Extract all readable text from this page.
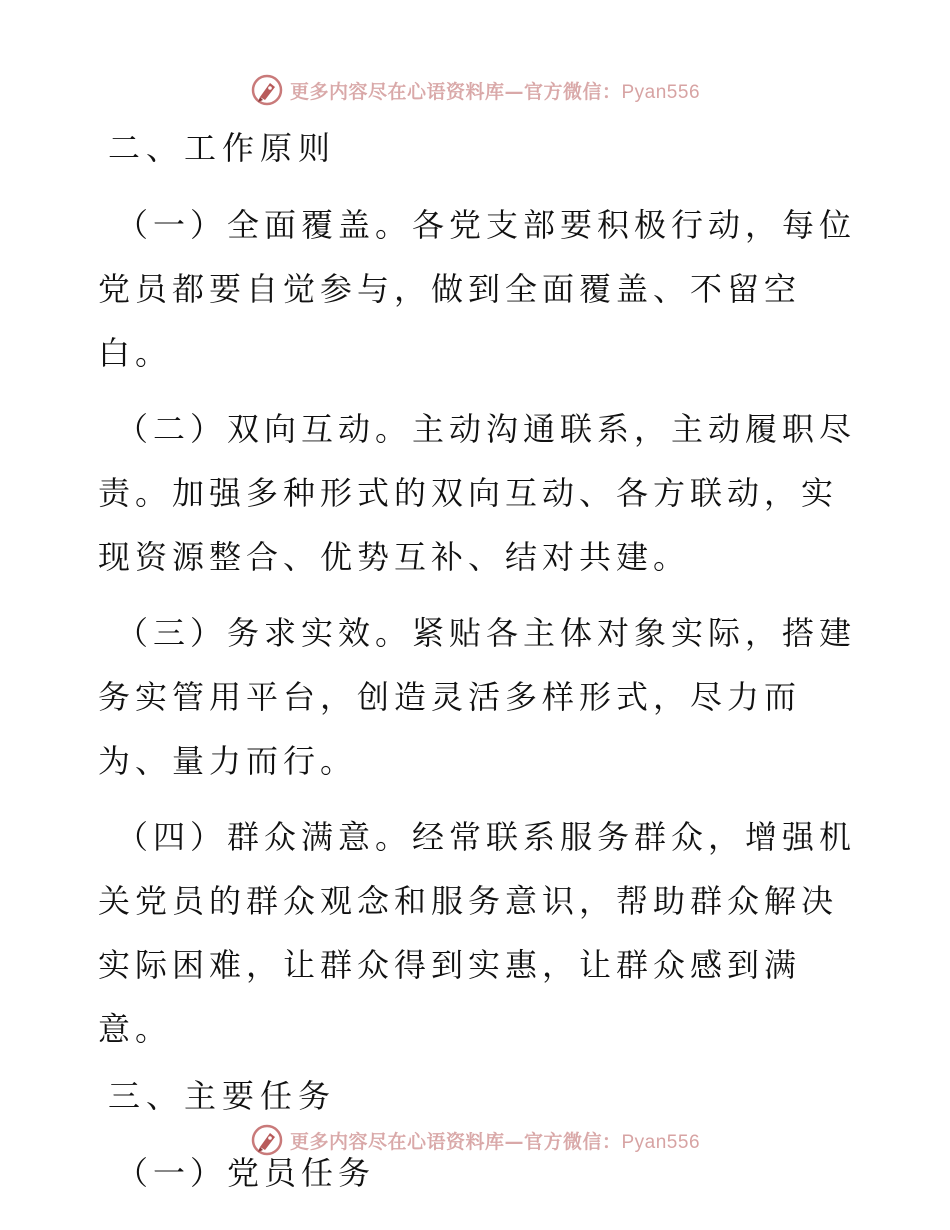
更多内容尽在心语资料库—官方微信：Pyan556
二、工作原则

（一）全面覆盖。各党支部要积极行动，每位党员都要自觉参与，做到全面覆盖、不留空白。

（二）双向互动。主动沟通联系，主动履职尽责。加强多种形式的双向互动、各方联动，实现资源整合、优势互补、结对共建。

（三）务求实效。紧贴各主体对象实际，搭建务实管用平台，创造灵活多样形式，尽力而为、量力而行。

（四）群众满意。经常联系服务群众，增强机关党员的群众观念和服务意识，帮助群众解决实际困难，让群众得到实惠，让群众感到满意。

三、主要任务

（一）党员任务

更多内容尽在心语资料库—官方微信：Pyan556
